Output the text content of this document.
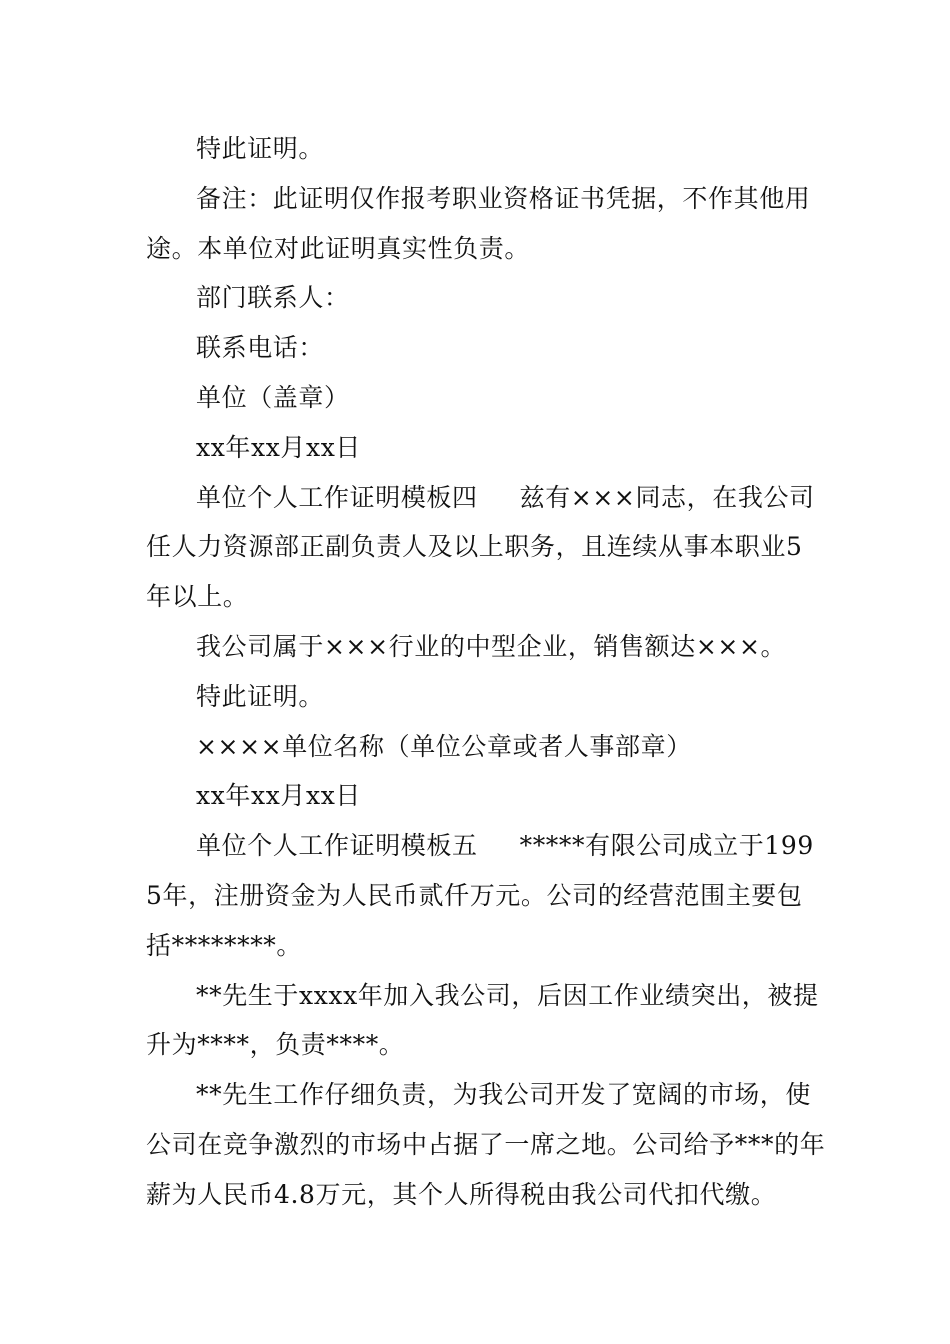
特此证明。

备注：此证明仅作报考职业资格证书凭据，不作其他用途。本单位对此证明真实性负责。

部门联系人：

联系电话：

单位（盖章）

xx年xx月xx日

单位个人工作证明模板四 兹有×××同志，在我公司任人力资源部正副负责人及以上职务，且连续从事本职业5年以上。

我公司属于×××行业的中型企业，销售额达×××。

特此证明。

××××单位名称（单位公章或者人事部章）

xx年xx月xx日

单位个人工作证明模板五 *****有限公司成立于1995年，注册资金为人民币贰仟万元。公司的经营范围主要包括********。

**先生于xxxx年加入我公司，后因工作业绩突出，被提升为****，负责****。

**先生工作仔细负责，为我公司开发了宽阔的市场，使公司在竞争激烈的市场中占据了一席之地。公司给予***的年薪为人民币4.8万元，其个人所得税由我公司代扣代缴。
